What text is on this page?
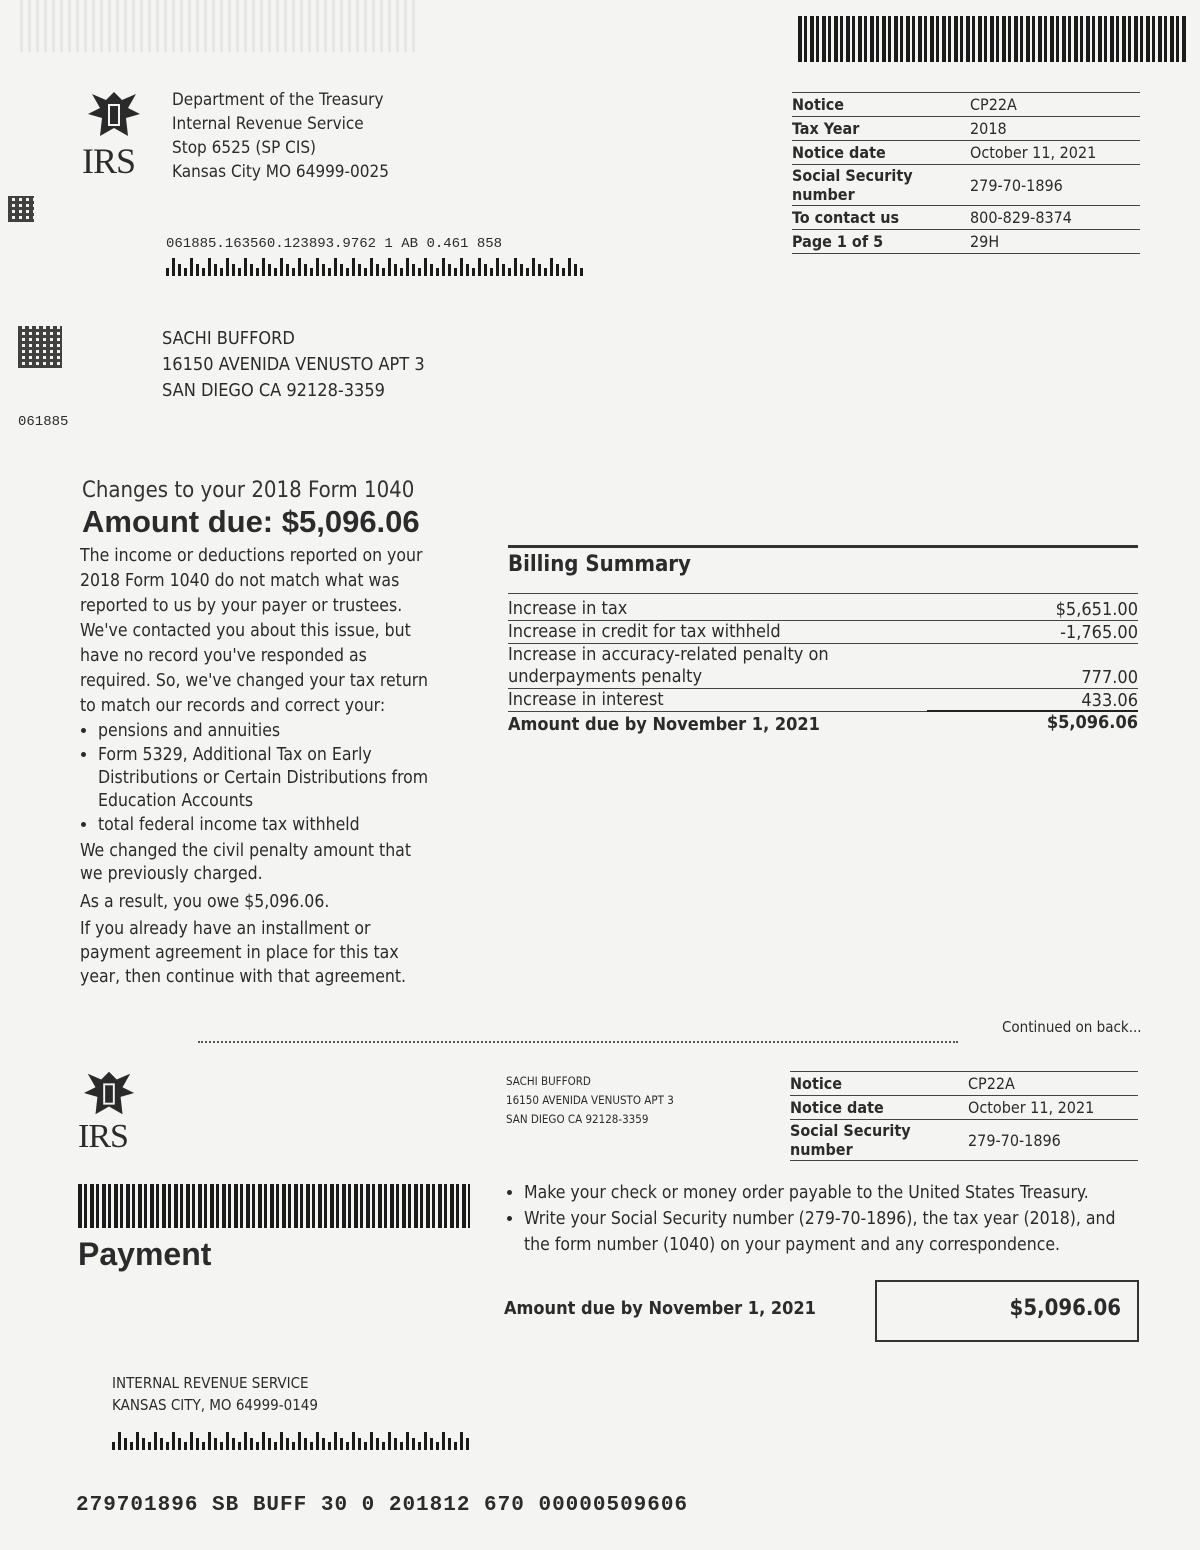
IRS
Department of the Treasury
Internal Revenue Service
Stop 6525 (SP CIS)
Kansas City MO 64999-0025
Notice	CP22A
Tax Year	2018
Notice date	October 11, 2021
Social Security number	279-70-1896
To contact us	800-829-8374
Page 1 of 5	29H
061885.163560.123893.9762 1 AB 0.461 858
SACHI BUFFORD
16150 AVENIDA VENUSTO APT 3
SAN DIEGO CA 92128-3359
061885
Changes to your 2018 Form 1040
Amount due: $5,096.06
The income or deductions reported on your 2018 Form 1040 do not match what was reported to us by your payer or trustees. We've contacted you about this issue, but have no record you've responded as required. So, we've changed your tax return to match our records and correct your:
• pensions and annuities
• Form 5329, Additional Tax on Early Distributions or Certain Distributions from Education Accounts
• total federal income tax withheld
We changed the civil penalty amount that we previously charged.
As a result, you owe $5,096.06.
If you already have an installment or payment agreement in place for this tax year, then continue with that agreement.
Billing Summary
Increase in tax	$5,651.00
Increase in credit for tax withheld	-1,765.00
Increase in accuracy-related penalty on underpayments penalty	777.00
Increase in interest	433.06
Amount due by November 1, 2021	$5,096.06
Continued on back...
IRS
Payment
SACHI BUFFORD
16150 AVENIDA VENUSTO APT 3
SAN DIEGO CA 92128-3359
Notice	CP22A
Notice date	October 11, 2021
Social Security number	279-70-1896
• Make your check or money order payable to the United States Treasury.
• Write your Social Security number (279-70-1896), the tax year (2018), and the form number (1040) on your payment and any correspondence.
Amount due by November 1, 2021	$5,096.06
INTERNAL REVENUE SERVICE
KANSAS CITY, MO 64999-0149
279701896 SB BUFF 30 0 201812 670 00000509606
